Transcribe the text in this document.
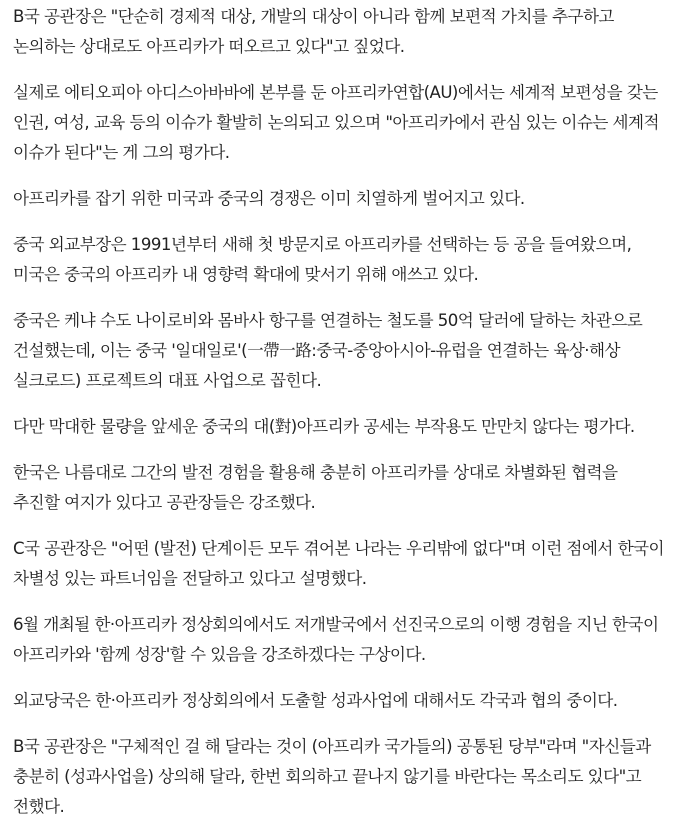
B국 공관장은 "단순히 경제적 대상, 개발의 대상이 아니라 함께 보편적 가치를 추구하고 논의하는 상대로도 아프리카가 떠오르고 있다"고 짚었다.

실제로 에티오피아 아디스아바바에 본부를 둔 아프리카연합(AU)에서는 세계적 보편성을 갖는 인권, 여성, 교육 등의 이슈가 활발히 논의되고 있으며 "아프리카에서 관심 있는 이슈는 세계적 이슈가 된다"는 게 그의 평가다.

아프리카를 잡기 위한 미국과 중국의 경쟁은 이미 치열하게 벌어지고 있다.

중국 외교부장은 1991년부터 새해 첫 방문지로 아프리카를 선택하는 등 공을 들여왔으며, 미국은 중국의 아프리카 내 영향력 확대에 맞서기 위해 애쓰고 있다.

중국은 케냐 수도 나이로비와 몸바사 항구를 연결하는 철도를 50억 달러에 달하는 차관으로 건설했는데, 이는 중국 '일대일로'(一帶一路:중국-중앙아시아-유럽을 연결하는 육상·해상 실크로드) 프로젝트의 대표 사업으로 꼽힌다.

다만 막대한 물량을 앞세운 중국의 대(對)아프리카 공세는 부작용도 만만치 않다는 평가다.

한국은 나름대로 그간의 발전 경험을 활용해 충분히 아프리카를 상대로 차별화된 협력을 추진할 여지가 있다고 공관장들은 강조했다.

C국 공관장은 "어떤 (발전) 단계이든 모두 겪어본 나라는 우리밖에 없다"며 이런 점에서 한국이 차별성 있는 파트너임을 전달하고 있다고 설명했다.

6월 개최될 한·아프리카 정상회의에서도 저개발국에서 선진국으로의 이행 경험을 지닌 한국이 아프리카와 '함께 성장'할 수 있음을 강조하겠다는 구상이다.

외교당국은 한·아프리카 정상회의에서 도출할 성과사업에 대해서도 각국과 협의 중이다.

B국 공관장은 "구체적인 걸 해 달라는 것이 (아프리카 국가들의) 공통된 당부"라며 "자신들과 충분히 (성과사업을) 상의해 달라, 한번 회의하고 끝나지 않기를 바란다는 목소리도 있다"고 전했다.
